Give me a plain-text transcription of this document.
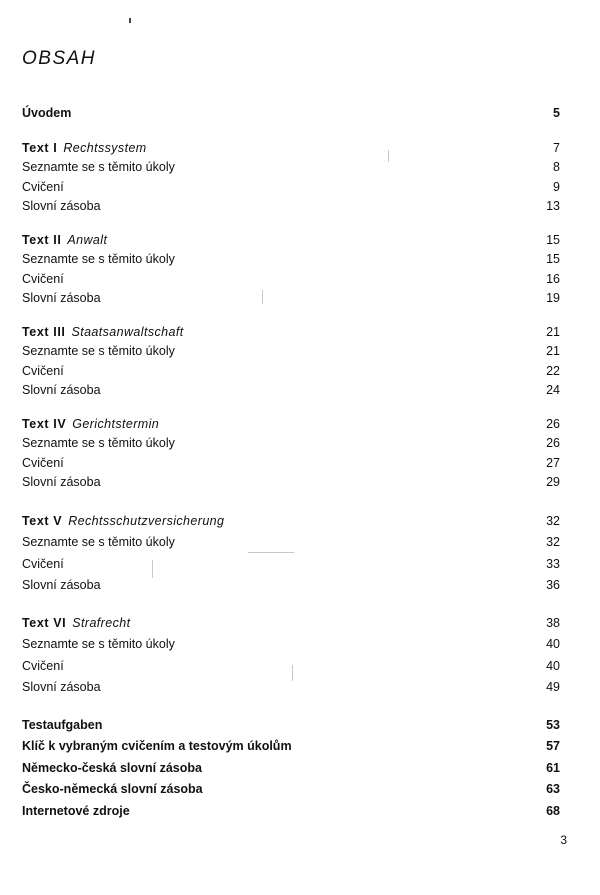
OBSAH
Úvodem	5
Text I Rechtssystem	7
Seznamte se s těmito úkoly	8
Cvičení	9
Slovní zásoba	13
Text II Anwalt	15
Seznamte se s těmito úkoly	15
Cvičení	16
Slovní zásoba	19
Text III Staatsanwaltschaft	21
Seznamte se s těmito úkoly	21
Cvičení	22
Slovní zásoba	24
Text IV Gerichtstermin	26
Seznamte se s těmito úkoly	26
Cvičení	27
Slovní zásoba	29
Text V Rechtsschutzversicherung	32
Seznamte se s těmito úkoly	32
Cvičení	33
Slovní zásoba	36
Text VI Strafrecht	38
Seznamte se s těmito úkoly	40
Cvičení	40
Slovní zásoba	49
Testaufgaben	53
Klíč k vybraným cvičením a testovým úkolům	57
Německo-česká slovní zásoba	61
Česko-německá slovní zásoba	63
Internetové zdroje	68
3
